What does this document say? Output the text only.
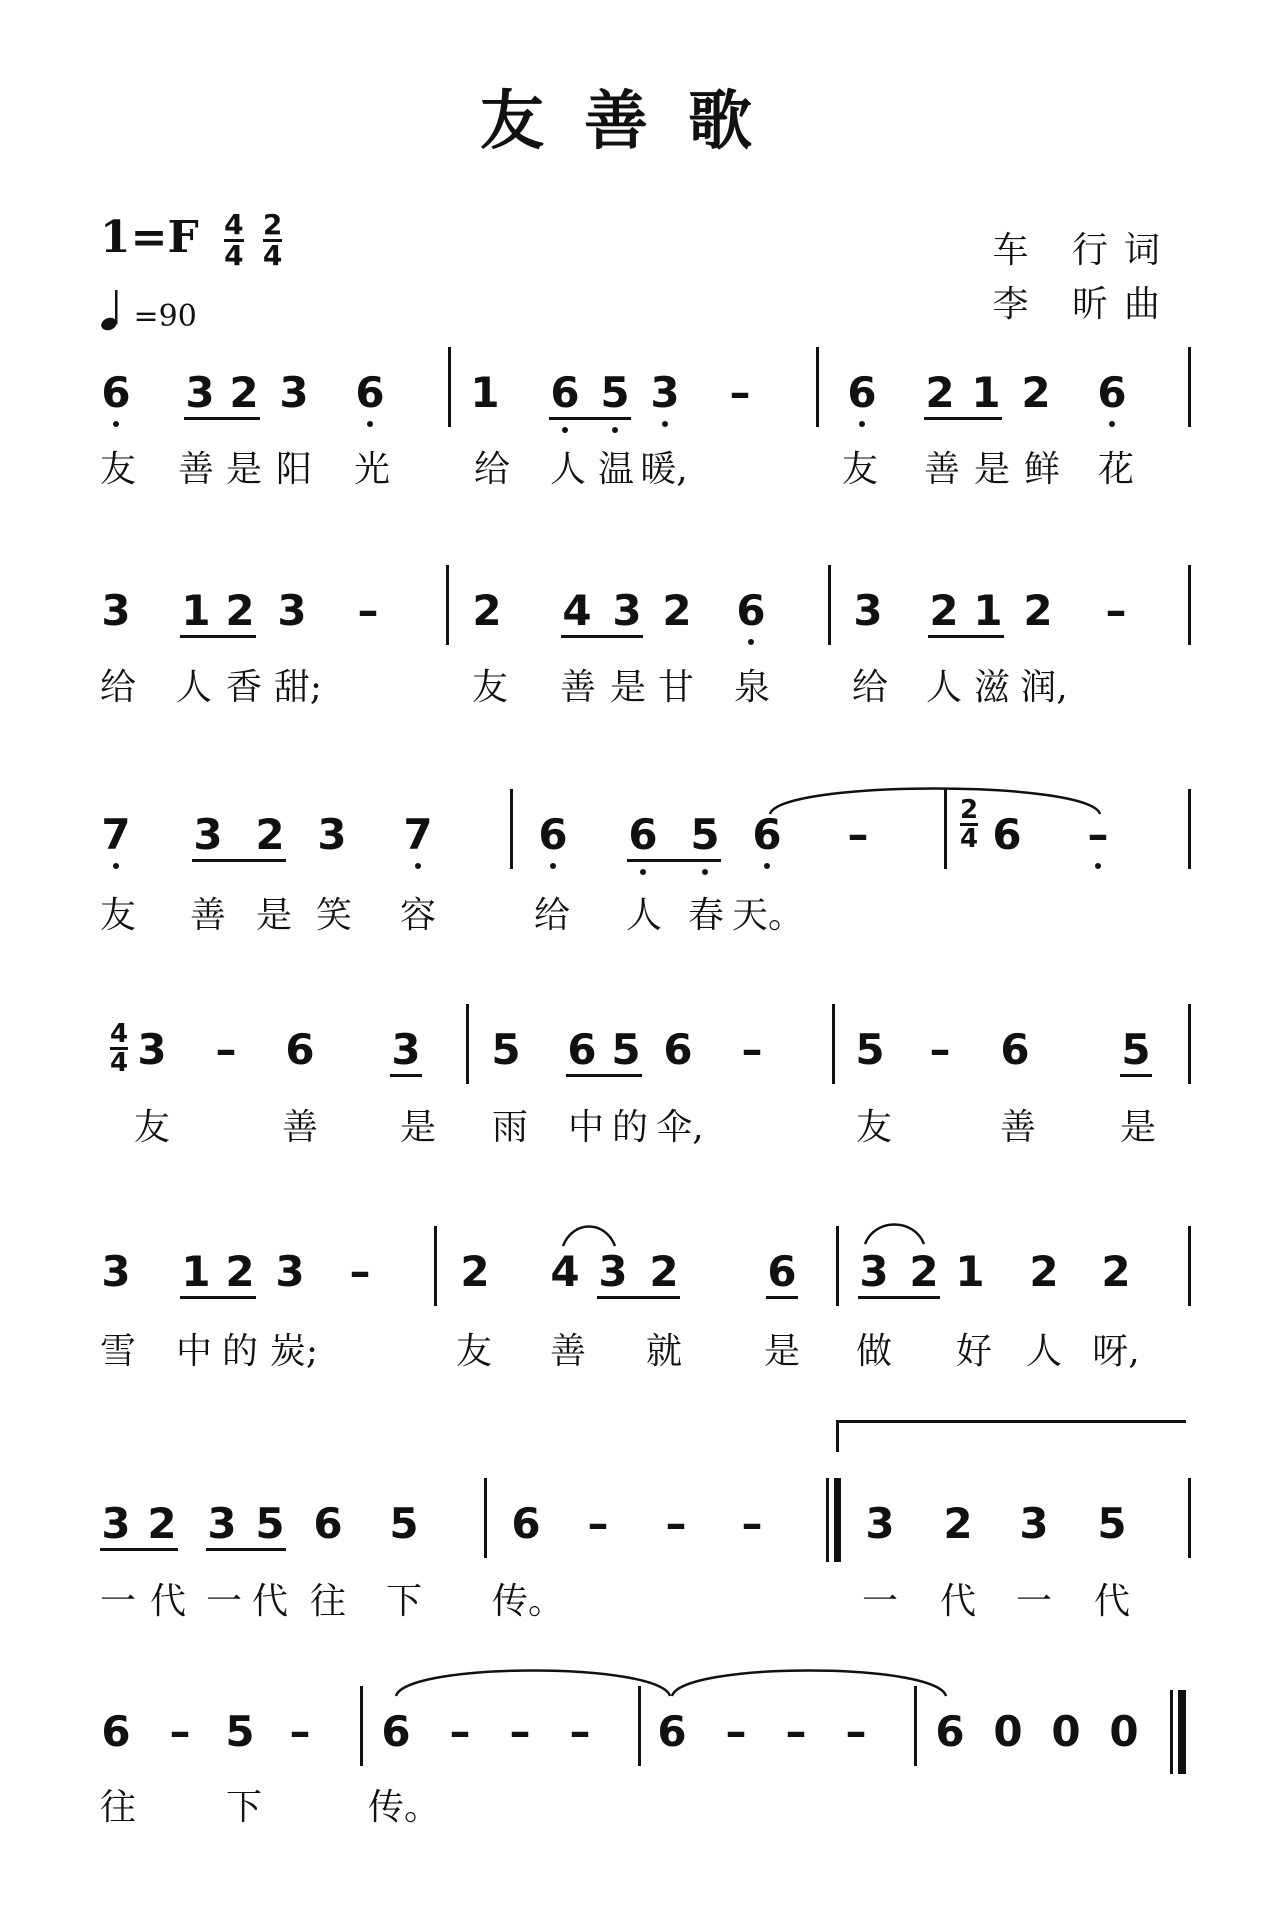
友善歌
$1=F \frac{4}{4}$
$\frac{2}{4}$
=90
车 行词
李 昕曲
6 3 2 3 6 1 6 5 3 – 6 2 1 2 6
友 善 是 阳 光 给 人 温 暖,	友 善 是 鲜 花
3 1 2 3 – 2 4 3 2 6 3 2 1 2 –
给 人 香 甜;	友 善 是 甘 泉 给 人 滋 润,
7 3 2 3 7	6 6 5 6 –	6 –
友 善 是 笑 容	给 人 春 天。
3 – 6 3 5 6 5 6 – 5 – 6 5
友	善 是 雨 中 的 伞,	友	善 是
3 1 2 3 – 2 4 3 2 6 3 2 1 2 2
雪 中 的 炭;	友 善 就 是 做 好 人 呀,
3 2 3 5 6 5 6 – – – 3 2 3 5
一 代 一 代 往 下 传。	一 代 一 代
6 – 5 – 6 – – – 6 – – – 6 0 0 0
往 下	传。
4
4
2
4
